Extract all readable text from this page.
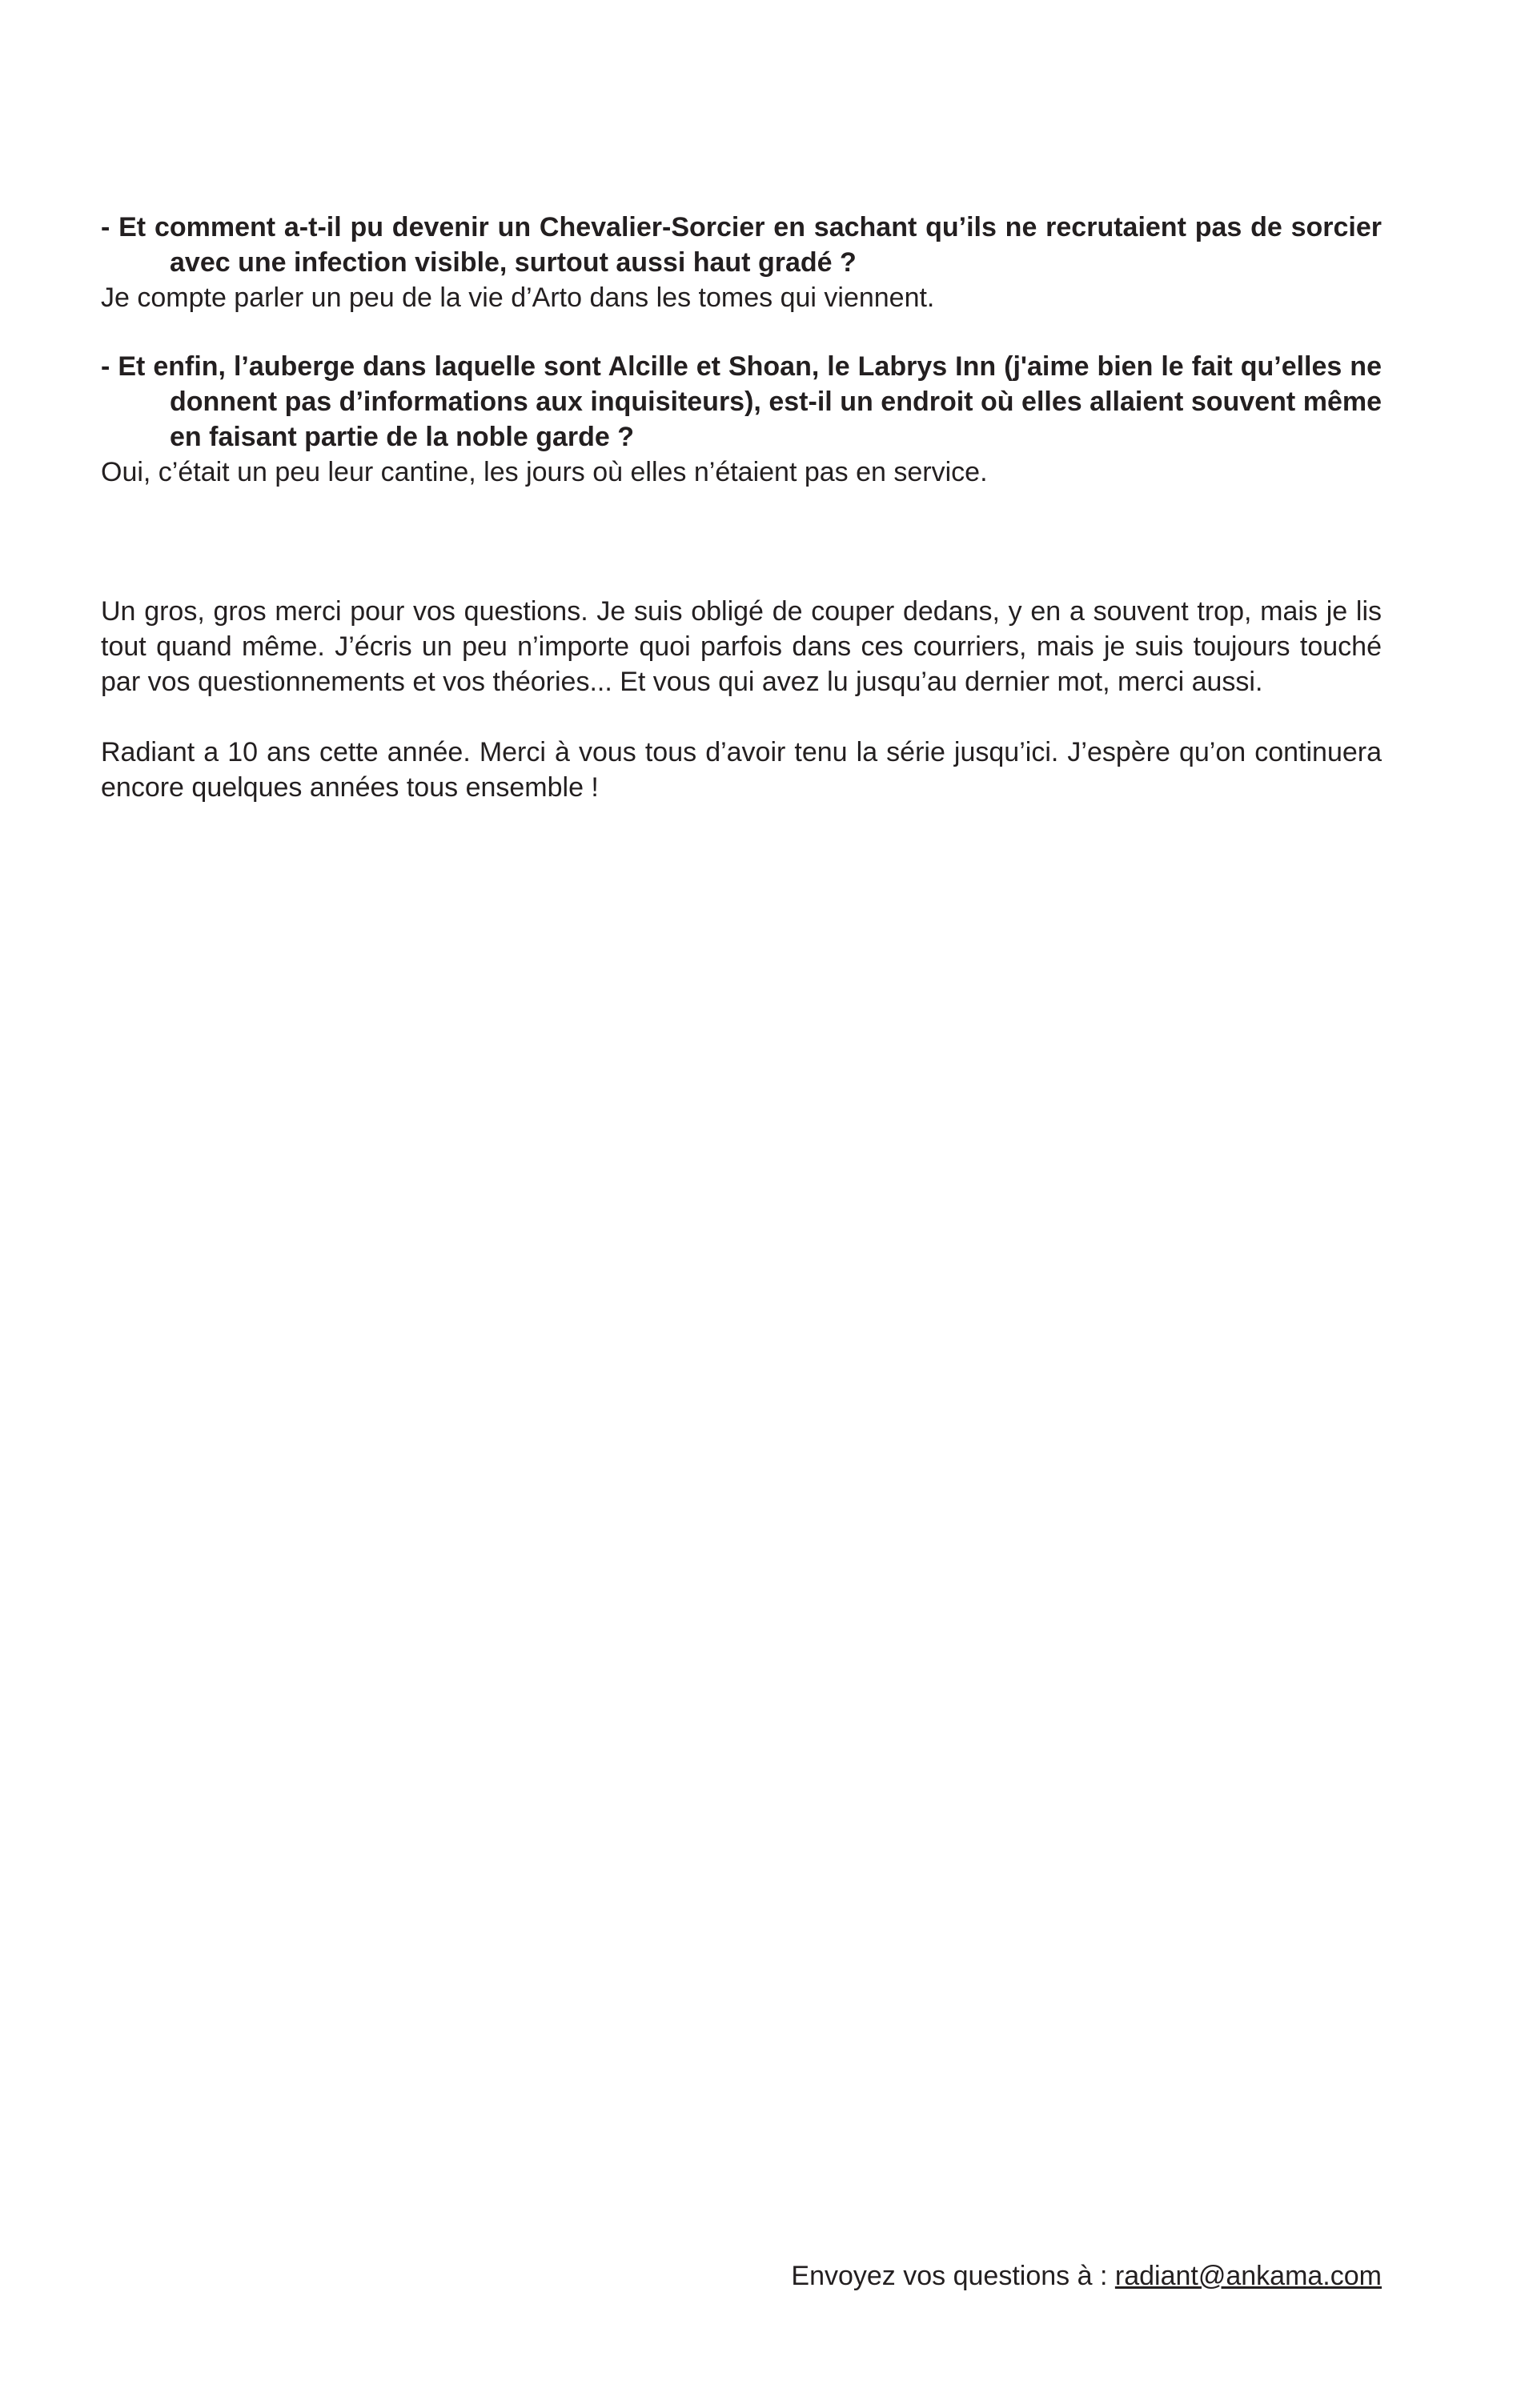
- Et comment a-t-il pu devenir un Chevalier-Sorcier en sachant qu’ils ne recrutaient pas de sorcier avec une infection visible, surtout aussi haut gradé ?

Je compte parler un peu de la vie d’Arto dans les tomes qui viennent.

- Et enfin, l’auberge dans laquelle sont Alcille et Shoan, le Labrys Inn (j'aime bien le fait qu’elles ne donnent pas d’informations aux inquisiteurs), est-il un endroit où elles allaient souvent même en faisant partie de la noble garde ?

Oui, c’était un peu leur cantine, les jours où elles n’étaient pas en service.

Un gros, gros merci pour vos questions. Je suis obligé de couper dedans, y en a souvent trop, mais je lis tout quand même. J’écris un peu n’importe quoi parfois dans ces courriers, mais je suis toujours touché par vos questionnements et vos théories... Et vous qui avez lu jusqu’au dernier mot, merci aussi.

Radiant a 10 ans cette année. Merci à vous tous d’avoir tenu la série jusqu’ici. J’espère qu’on continuera encore quelques années tous ensemble !

Envoyez vos questions à : radiant@ankama.com
